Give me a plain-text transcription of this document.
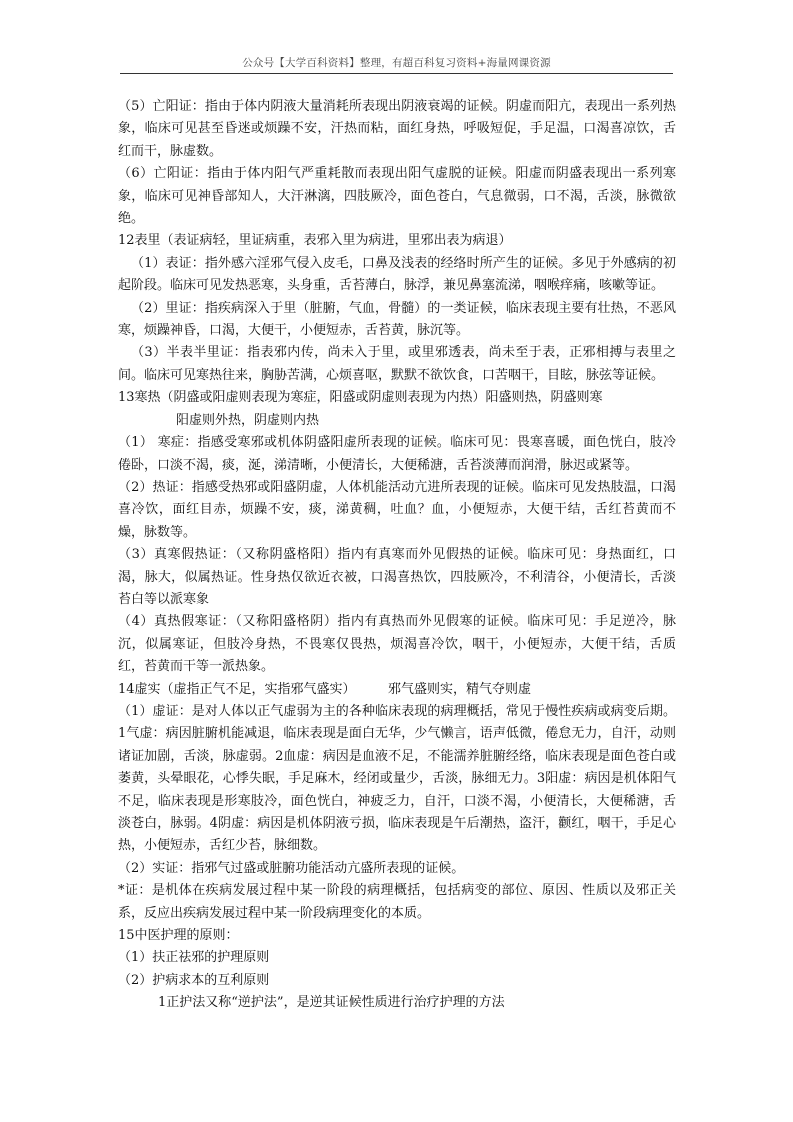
公众号【大学百科资料】整理，有超百科复习资料+海量网课资源

（5）亡阳证：指由于体内阴液大量消耗所表现出阴液衰竭的证候。阴虚而阳亢，表现出一系列热象，临床可见甚至昏迷或烦躁不安，汗热而粘，面红身热，呼吸短促，手足温，口渴喜凉饮，舌红而干，脉虚数。

（6）亡阳证：指由于体内阳气严重耗散而表现出阳气虚脱的证候。阳虚而阴盛表现出一系列寒象，临床可见神昏部知人，大汗淋漓，四肢厥冷，面色苍白，气息微弱，口不渴，舌淡，脉微欲绝。

12表里（表证病轻，里证病重，表邪入里为病进，里邪出表为病退）

（1）表证：指外感六淫邪气侵入皮毛，口鼻及浅表的经络时所产生的证候。多见于外感病的初起阶段。临床可见发热恶寒，头身重，舌苔薄白，脉浮，兼见鼻塞流涕，咽喉痒痛，咳嗽等证。

（2）里证：指疾病深入于里（脏腑，气血，骨髓）的一类证候，临床表现主要有壮热，不恶风寒，烦躁神昏，口渴，大便干，小便短赤，舌苔黄，脉沉等。

（3）半表半里证：指表邪内传，尚未入于里，或里邪透表，尚未至于表，正邪相搏与表里之间。临床可见寒热往来，胸胁苦满，心烦喜呕，默默不欲饮食，口苦咽干，目眩，脉弦等证候。

13寒热（阴盛或阳虚则表现为寒症，阳盛或阴虚则表现为内热）阳盛则热，阴盛则寒

阳虚则外热，阴虚则内热

（1） 寒症：指感受寒邪或机体阴盛阳虚所表现的证候。临床可见：畏寒喜暖，面色恍白，肢冷倦卧，口淡不渴，痰，涎，涕清晰，小便清长，大便稀溏，舌苔淡薄而润滑，脉迟或紧等。

（2）热证：指感受热邪或阳盛阴虚，人体机能活动亢进所表现的证候。临床可见发热肢温，口渴喜冷饮，面红目赤，烦躁不安，痰，涕黄稠，吐血？血，小便短赤，大便干结，舌红苔黄而不燥，脉数等。

（3）真寒假热证：（又称阴盛格阳）指内有真寒而外见假热的证候。临床可见：身热面红，口渴，脉大，似属热证。性身热仅欲近衣被，口渴喜热饮，四肢厥冷，不利清谷，小便清长，舌淡苔白等以派寒象

（4）真热假寒证：（又称阳盛格阴）指内有真热而外见假寒的证候。临床可见：手足逆冷，脉沉，似属寒证，但肢冷身热，不畏寒仅畏热，烦渴喜冷饮，咽干，小便短赤，大便干结，舌质红，苔黄而干等一派热象。

14虚实（虚指正气不足，实指邪气盛实）　　　邪气盛则实，精气夺则虚

（1）虚证：是对人体以正气虚弱为主的各种临床表现的病理概括，常见于慢性疾病或病变后期。1气虚：病因脏腑机能减退，临床表现是面白无华，少气懒言，语声低微，倦怠无力，自汗，动则诸证加剧，舌淡，脉虚弱。2血虚：病因是血液不足，不能濡养脏腑经络，临床表现是面色苍白或萎黄，头晕眼花，心悸失眠，手足麻木，经闭或量少，舌淡，脉细无力。3阳虚：病因是机体阳气不足，临床表现是形寒肢冷，面色恍白，神疲乏力，自汗，口淡不渴，小便清长，大便稀溏，舌淡苍白，脉弱。4阴虚：病因是机体阴液亏损，临床表现是午后潮热，盗汗，颧红，咽干，手足心热，小便短赤，舌红少苔，脉细数。

（2）实证：指邪气过盛或脏腑功能活动亢盛所表现的证候。

*证：是机体在疾病发展过程中某一阶段的病理概括，包括病变的部位、原因、性质以及邪正关系，反应出疾病发展过程中某一阶段病理变化的本质。

15中医护理的原则：

（1）扶正祛邪的护理原则

（2）护病求本的互利原则

1正护法又称“逆护法”，是逆其证候性质进行治疗护理的方法
